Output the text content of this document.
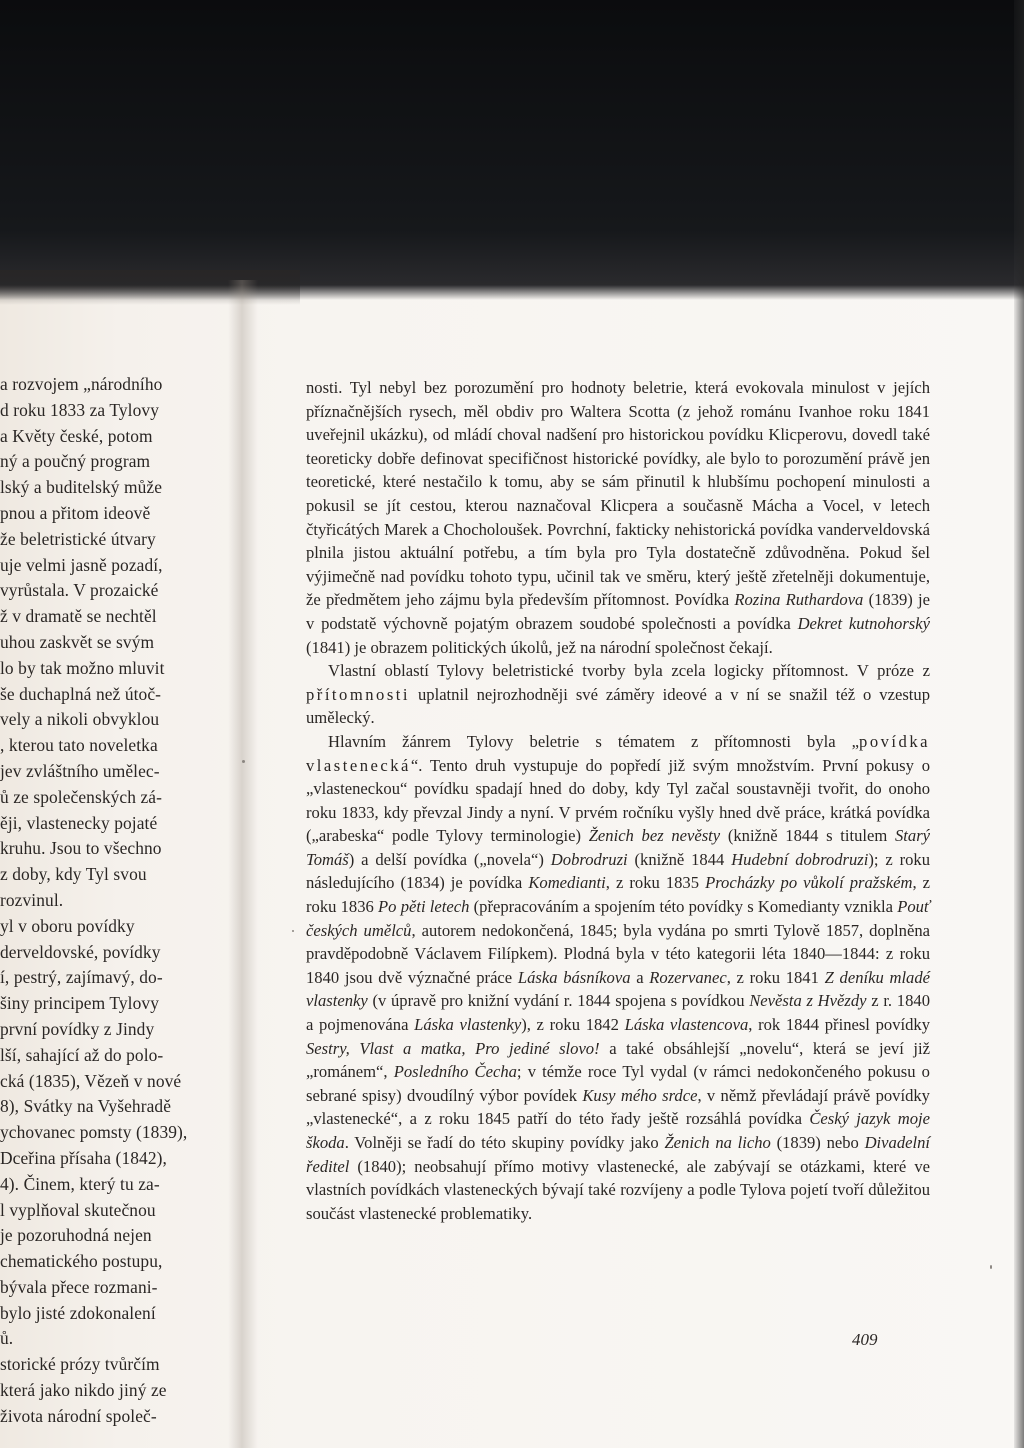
a rozvojem „národního

d roku 1833 za Tylovy

a Květy české, potom

ný a poučný program

lský a buditelský může

pnou a přitom ideově

že beletristické útvary

uje velmi jasně pozadí,

vyrůstala. V prozaické

ž v dramatě se nechtěl

uhou zaskvět se svým

lo by tak možno mluvit

še duchaplná než útoč-

vely a nikoli obvyklou

, kterou tato noveletka

jev zvláštního umělec-

ů ze společenských zá-

ěji, vlastenecky pojaté

kruhu. Jsou to všechno

z doby, kdy Tyl svou

rozvinul.

yl v oboru povídky

derveldovské, povídky

í, pestrý, zajímavý, do-

šiny principem Tylovy

první povídky z Jindy

lší, sahající až do polo-

cká (1835), Vězeň v nové

8), Svátky na Vyšehradě

ychovanec pomsty (1839),

Dceřina přísaha (1842),

4). Činem, který tu za-

l vyplňoval skutečnou

je pozoruhodná nejen

chematického postupu,

bývala přece rozmani-

bylo jisté zdokonalení

ů.

storické prózy tvůrčím

která jako nikdo jiný ze

života národní společ-

nosti. Tyl nebyl bez porozumění pro hodnoty beletrie, která evokovala minulost v jejích příznačnějších rysech, měl obdiv pro Waltera Scotta (z jehož románu Ivanhoe roku 1841 uveřejnil ukázku), od mládí choval nadšení pro historickou povídku Klicperovu, dovedl také teoreticky dobře definovat specifičnost historické povídky, ale bylo to porozumění právě jen teoretické, které nestačilo k tomu, aby se sám přinutil k hlubšímu pochopení minulosti a pokusil se jít cestou, kterou naznačoval Klicpera a současně Mácha a Vocel, v letech čtyřicátých Marek a Chocholoušek. Povrchní, fakticky nehistorická povídka vanderveldovská plnila jistou aktuální potřebu, a tím byla pro Tyla dostatečně zdůvodněna. Pokud šel výjimečně nad povídku tohoto typu, učinil tak ve směru, který ještě zřetelněji dokumentuje, že předmětem jeho zájmu byla především přítomnost. Povídka Rozina Ruthardova (1839) je v podstatě výchovně pojatým obrazem soudobé společnosti a povídka Dekret kutnohorský (1841) je obrazem politických úkolů, jež na národní společnost čekají.

Vlastní oblastí Tylovy beletristické tvorby byla zcela logicky přítomnost. V próze z přítomnosti uplatnil nejrozhodněji své záměry ideové a v ní se snažil též o vzestup umělecký.

Hlavním žánrem Tylovy beletrie s tématem z přítomnosti byla „povídka vlastenecká“. Tento druh vystupuje do popředí již svým množstvím. První pokusy o „vlasteneckou“ povídku spadají hned do doby, kdy Tyl začal soustavněji tvořit, do onoho roku 1833, kdy převzal Jindy a nyní. V prvém ročníku vyšly hned dvě práce, krátká povídka („arabeska“ podle Tylovy terminologie) Ženich bez nevěsty (knižně 1844 s titulem Starý Tomáš) a delší povídka („novela“) Dobrodruzi (knižně 1844 Hudební dobrodruzi); z roku následujícího (1834) je povídka Komedianti, z roku 1835 Procházky po vůkolí pražském, z roku 1836 Po pěti letech (přepracováním a spojením této povídky s Komedianty vznikla Pouť českých umělců, autorem nedokončená, 1845; byla vydána po smrti Tylově 1857, doplněna pravděpodobně Václavem Filípkem). Plodná byla v této kategorii léta 1840—1844: z roku 1840 jsou dvě význačné práce Láska básníkova a Rozervanec, z roku 1841 Z deníku mladé vlastenky (v úpravě pro knižní vydání r. 1844 spojena s povídkou Nevěsta z Hvězdy z r. 1840 a pojmenována Láska vlastenky), z roku 1842 Láska vlastencova, rok 1844 přinesl povídky Sestry, Vlast a matka, Pro jediné slovo! a také obsáhlejší „novelu“, která se jeví již „románem“, Posledního Čecha; v témže roce Tyl vydal (v rámci nedokončeného pokusu o sebrané spisy) dvoudílný výbor povídek Kusy mého srdce, v němž převládají právě povídky „vlastenecké“, a z roku 1845 patří do této řady ještě rozsáhlá povídka Český jazyk moje škoda. Volněji se řadí do této skupiny povídky jako Ženich na licho (1839) nebo Divadelní ředitel (1840); neobsahují přímo motivy vlastenecké, ale zabývají se otázkami, které ve vlastních povídkách vlasteneckých bývají také rozvíjeny a podle Tylova pojetí tvoří důležitou součást vlastenecké problematiky.

409
